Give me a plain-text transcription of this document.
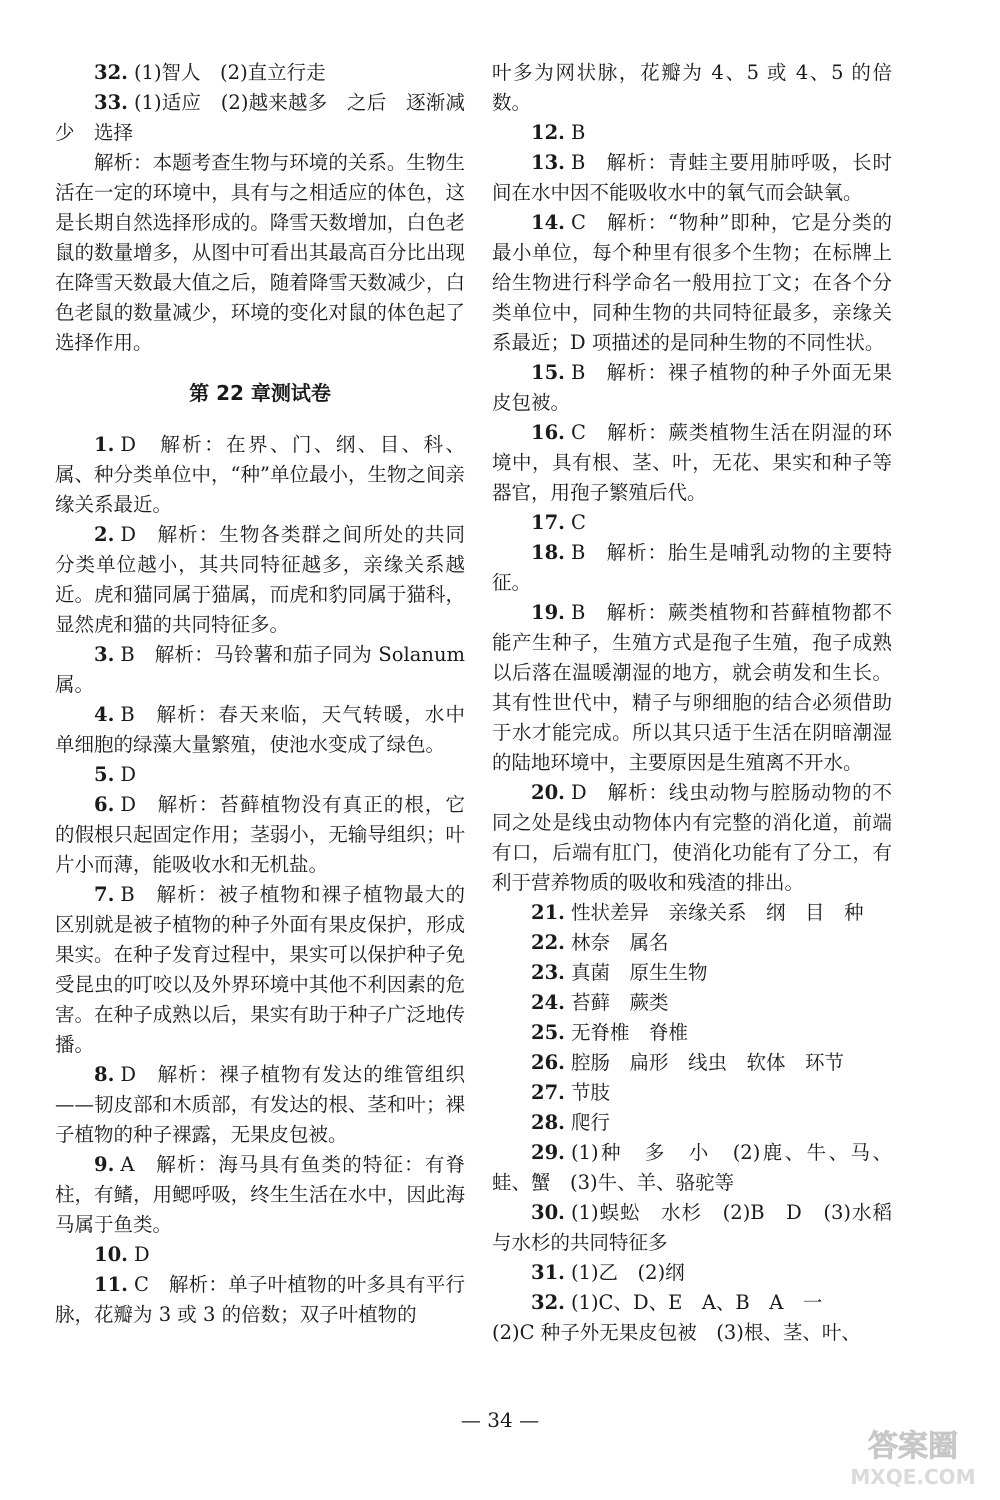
32. (1)智人　(2)直立行走

33. (1)适应　(2)越来越多　之后　逐渐减少　选择

解析：本题考查生物与环境的关系。生物生活在一定的环境中，具有与之相适应的体色，这是长期自然选择形成的。降雪天数增加，白色老鼠的数量增多，从图中可看出其最高百分比出现在降雪天数最大值之后，随着降雪天数减少，白色老鼠的数量减少，环境的变化对鼠的体色起了选择作用。

第 22 章测试卷

1. D　解析：在界、门、纲、目、科、属、种分类单位中，“种”单位最小，生物之间亲缘关系最近。

2. D　解析：生物各类群之间所处的共同分类单位越小，其共同特征越多，亲缘关系越近。虎和猫同属于猫属，而虎和豹同属于猫科，显然虎和猫的共同特征多。

3. B　解析：马铃薯和茄子同为 Solanum 属。

4. B　解析：春天来临，天气转暖，水中单细胞的绿藻大量繁殖，使池水变成了绿色。

5. D

6. D　解析：苔藓植物没有真正的根，它的假根只起固定作用；茎弱小，无输导组织；叶片小而薄，能吸收水和无机盐。

7. B　解析：被子植物和裸子植物最大的区别就是被子植物的种子外面有果皮保护，形成果实。在种子发育过程中，果实可以保护种子免受昆虫的叮咬以及外界环境中其他不利因素的危害。在种子成熟以后，果实有助于种子广泛地传播。

8. D　解析：裸子植物有发达的维管组织——韧皮部和木质部，有发达的根、茎和叶；裸子植物的种子裸露，无果皮包被。

9. A　解析：海马具有鱼类的特征：有脊柱，有鳍，用鳃呼吸，终生生活在水中，因此海马属于鱼类。

10. D

11. C　解析：单子叶植物的叶多具有平行脉，花瓣为 3 或 3 的倍数；双子叶植物的

叶多为网状脉，花瓣为 4、5 或 4、5 的倍数。

12. B

13. B　解析：青蛙主要用肺呼吸，长时间在水中因不能吸收水中的氧气而会缺氧。

14. C　解析：“物种”即种，它是分类的最小单位，每个种里有很多个生物；在标牌上给生物进行科学命名一般用拉丁文；在各个分类单位中，同种生物的共同特征最多，亲缘关系最近；D 项描述的是同种生物的不同性状。

15. B　解析：裸子植物的种子外面无果皮包被。

16. C　解析：蕨类植物生活在阴湿的环境中，具有根、茎、叶，无花、果实和种子等器官，用孢子繁殖后代。

17. C

18. B　解析：胎生是哺乳动物的主要特征。

19. B　解析：蕨类植物和苔藓植物都不能产生种子，生殖方式是孢子生殖，孢子成熟以后落在温暖潮湿的地方，就会萌发和生长。其有性世代中，精子与卵细胞的结合必须借助于水才能完成。所以其只适于生活在阴暗潮湿的陆地环境中，主要原因是生殖离不开水。

20. D　解析：线虫动物与腔肠动物的不同之处是线虫动物体内有完整的消化道，前端有口，后端有肛门，使消化功能有了分工，有利于营养物质的吸收和残渣的排出。

21. 性状差异　亲缘关系　纲　目　种

22. 林奈　属名

23. 真菌　原生生物

24. 苔藓　蕨类

25. 无脊椎　脊椎

26. 腔肠　扁形　线虫　软体　环节

27. 节肢

28. 爬行

29. (1)种　多　小　(2)鹿、牛、马、蛙、蟹　(3)牛、羊、骆驼等

30. (1)蜈蚣　水杉　(2)B　D　(3)水稻与水杉的共同特征多

31. (1)乙　(2)纲

32. (1)C、D、E　A、B　A　一

(2)C 种子外无果皮包被　(3)根、茎、叶、

— 34 —
答案圈
MXQE.COM
